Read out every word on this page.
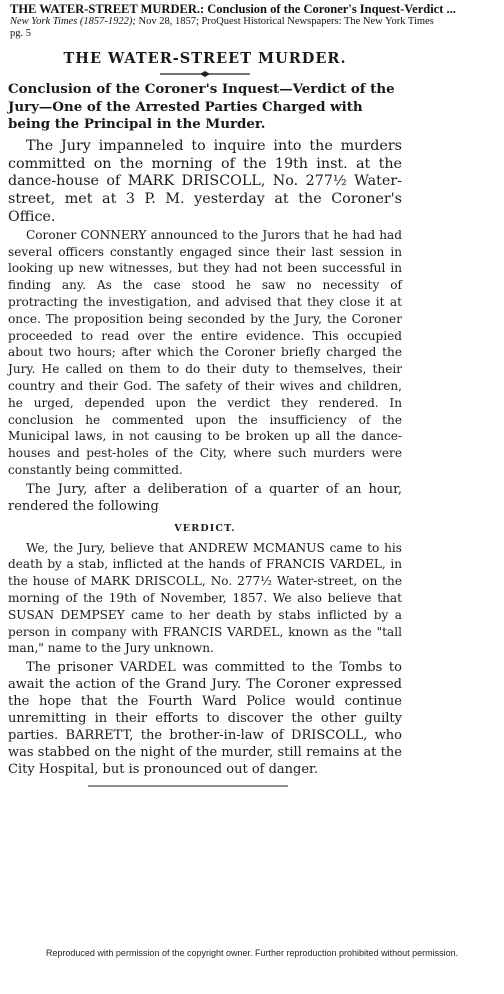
THE WATER-STREET MURDER.: Conclusion of the Coroner's Inquest-Verdict ...
New York Times (1857-1922); Nov 28, 1857; ProQuest Historical Newspapers: The New York Times
pg. 5
THE WATER-STREET MURDER.
Conclusion of the Coroner's Inquest—Verdict of the Jury—One of the Arrested Parties Charged with being the Principal in the Murder.

The Jury impanneled to inquire into the murders committed on the morning of the 19th inst. at the dance-house of MARK DRISCOLL, No. 277½ Water-street, met at 3 P. M. yesterday at the Coroner's Office.

Coroner CONNERY announced to the Jurors that he had had several officers constantly engaged since their last session in looking up new witnesses, but they had not been successful in finding any. As the case stood he saw no necessity of protracting the investigation, and advised that they close it at once. The proposition being seconded by the Jury, the Coroner proceeded to read over the entire evidence. This occupied about two hours; after which the Coroner briefly charged the Jury. He called on them to do their duty to themselves, their country and their God. The safety of their wives and children, he urged, depended upon the verdict they rendered. In conclusion he commented upon the insufficiency of the Municipal laws, in not causing to be broken up all the dance-houses and pest-holes of the City, where such murders were constantly being committed.

The Jury, after a deliberation of a quarter of an hour, rendered the following

VERDICT.

We, the Jury, believe that ANDREW MCMANUS came to his death by a stab, inflicted at the hands of FRANCIS VARDEL, in the house of MARK DRISCOLL, No. 277½ Water-street, on the morning of the 19th of November, 1857. We also believe that SUSAN DEMPSEY came to her death by stabs inflicted by a person in company with FRANCIS VARDEL, known as the "tall man," name to the Jury unknown.

The prisoner VARDEL was committed to the Tombs to await the action of the Grand Jury. The Coroner expressed the hope that the Fourth Ward Police would continue unremitting in their efforts to discover the other guilty parties. BARRETT, the brother-in-law of DRISCOLL, who was stabbed on the night of the murder, still remains at the City Hospital, but is pronounced out of danger.

Reproduced with permission of the copyright owner. Further reproduction prohibited without permission.
